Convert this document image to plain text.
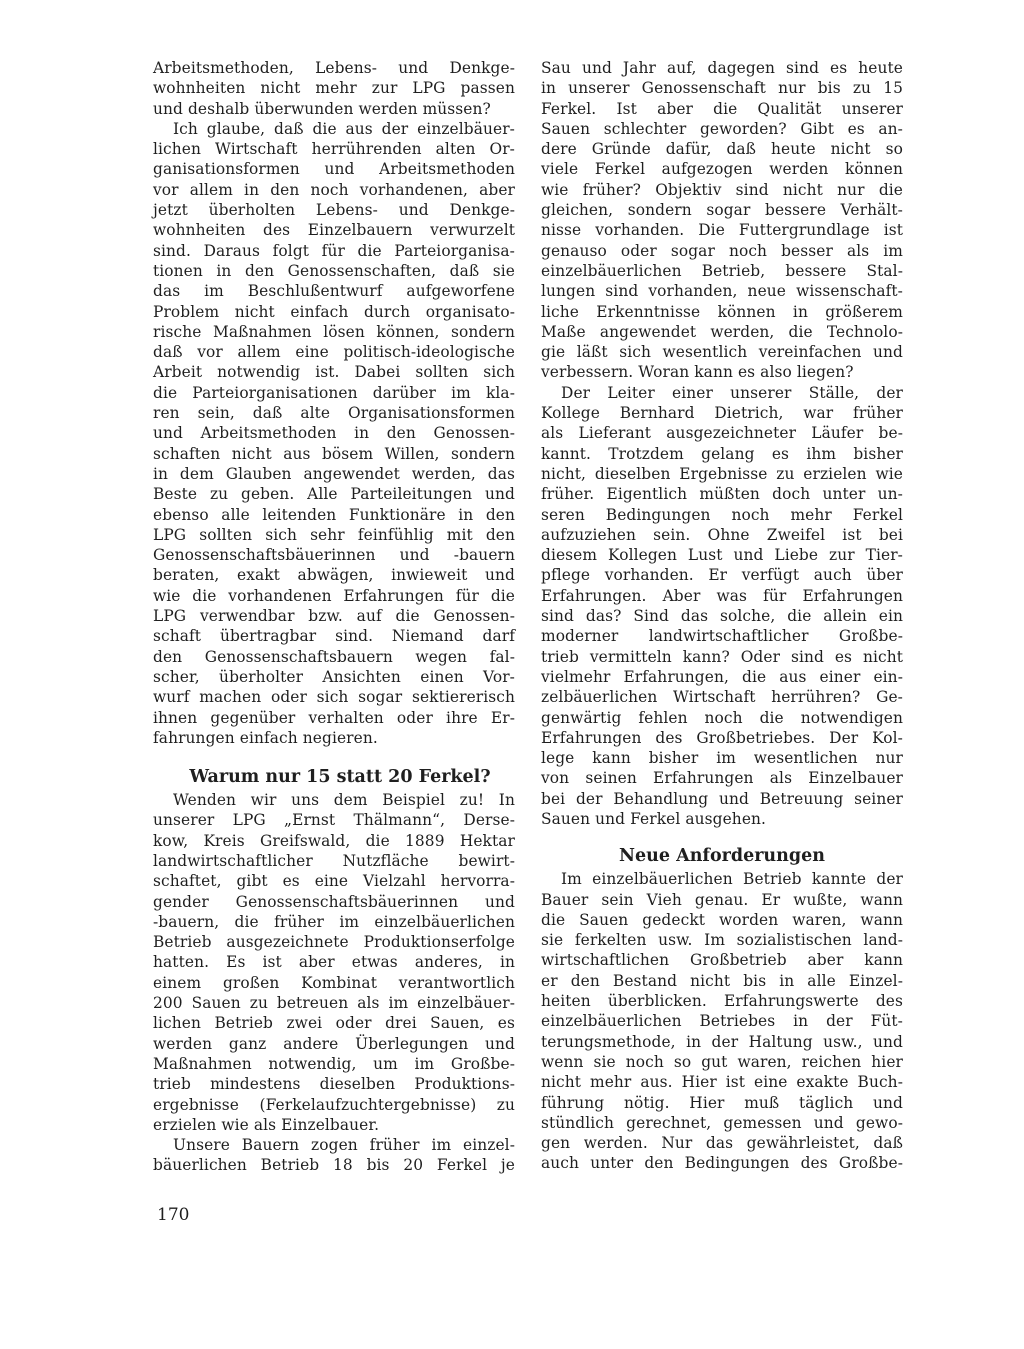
Arbeitsmethoden, Lebens- und Denkge-
wohnheiten nicht mehr zur LPG passen
und deshalb überwunden werden müssen?
Ich glaube, daß die aus der einzelbäuer-
lichen Wirtschaft herrührenden alten Or-
ganisationsformen und Arbeitsmethoden
vor allem in den noch vorhandenen, aber
jetzt überholten Lebens- und Denkge-
wohnheiten des Einzelbauern verwurzelt
sind. Daraus folgt für die Parteiorganisa-
tionen in den Genossenschaften, daß sie
das im Beschlußentwurf aufgeworfene
Problem nicht einfach durch organisato-
rische Maßnahmen lösen können, sondern
daß vor allem eine politisch-ideologische
Arbeit notwendig ist. Dabei sollten sich
die Parteiorganisationen darüber im kla-
ren sein, daß alte Organisationsformen
und Arbeitsmethoden in den Genossen-
schaften nicht aus bösem Willen, sondern
in dem Glauben angewendet werden, das
Beste zu geben. Alle Parteileitungen und
ebenso alle leitenden Funktionäre in den
LPG sollten sich sehr feinfühlig mit den
Genossenschaftsbäuerinnen und -bauern
beraten, exakt abwägen, inwieweit und
wie die vorhandenen Erfahrungen für die
LPG verwendbar bzw. auf die Genossen-
schaft übertragbar sind. Niemand darf
den Genossenschaftsbauern wegen fal-
scher, überholter Ansichten einen Vor-
wurf machen oder sich sogar sektiererisch
ihnen gegenüber verhalten oder ihre Er-
fahrungen einfach negieren.
Warum nur 15 statt 20 Ferkel?
Wenden wir uns dem Beispiel zu! In
unserer LPG „Ernst Thälmann“, Derse-
kow, Kreis Greifswald, die 1889 Hektar
landwirtschaftlicher Nutzfläche bewirt-
schaftet, gibt es eine Vielzahl hervorra-
gender Genossenschaftsbäuerinnen und
-bauern, die früher im einzelbäuerlichen
Betrieb ausgezeichnete Produktionserfolge
hatten. Es ist aber etwas anderes, in
einem großen Kombinat verantwortlich
200 Sauen zu betreuen als im einzelbäuer-
lichen Betrieb zwei oder drei Sauen, es
werden ganz andere Überlegungen und
Maßnahmen notwendig, um im Großbe-
trieb mindestens dieselben Produktions-
ergebnisse (Ferkelaufzuchtergebnisse) zu
erzielen wie als Einzelbauer.
Unsere Bauern zogen früher im einzel-
bäuerlichen Betrieb 18 bis 20 Ferkel je
Sau und Jahr auf, dagegen sind es heute
in unserer Genossenschaft nur bis zu 15
Ferkel. Ist aber die Qualität unserer
Sauen schlechter geworden? Gibt es an-
dere Gründe dafür, daß heute nicht so
viele Ferkel aufgezogen werden können
wie früher? Objektiv sind nicht nur die
gleichen, sondern sogar bessere Verhält-
nisse vorhanden. Die Futtergrundlage ist
genauso oder sogar noch besser als im
einzelbäuerlichen Betrieb, bessere Stal-
lungen sind vorhanden, neue wissenschaft-
liche Erkenntnisse können in größerem
Maße angewendet werden, die Technolo-
gie läßt sich wesentlich vereinfachen und
verbessern. Woran kann es also liegen?
Der Leiter einer unserer Ställe, der
Kollege Bernhard Dietrich, war früher
als Lieferant ausgezeichneter Läufer be-
kannt. Trotzdem gelang es ihm bisher
nicht, dieselben Ergebnisse zu erzielen wie
früher. Eigentlich müßten doch unter un-
seren Bedingungen noch mehr Ferkel
aufzuziehen sein. Ohne Zweifel ist bei
diesem Kollegen Lust und Liebe zur Tier-
pflege vorhanden. Er verfügt auch über
Erfahrungen. Aber was für Erfahrungen
sind das? Sind das solche, die allein ein
moderner landwirtschaftlicher Großbe-
trieb vermitteln kann? Oder sind es nicht
vielmehr Erfahrungen, die aus einer ein-
zelbäuerlichen Wirtschaft herrühren? Ge-
genwärtig fehlen noch die notwendigen
Erfahrungen des Großbetriebes. Der Kol-
lege kann bisher im wesentlichen nur
von seinen Erfahrungen als Einzelbauer
bei der Behandlung und Betreuung seiner
Sauen und Ferkel ausgehen.
Neue Anforderungen
Im einzelbäuerlichen Betrieb kannte der
Bauer sein Vieh genau. Er wußte, wann
die Sauen gedeckt worden waren, wann
sie ferkelten usw. Im sozialistischen land-
wirtschaftlichen Großbetrieb aber kann
er den Bestand nicht bis in alle Einzel-
heiten überblicken. Erfahrungswerte des
einzelbäuerlichen Betriebes in der Füt-
terungsmethode, in der Haltung usw., und
wenn sie noch so gut waren, reichen hier
nicht mehr aus. Hier ist eine exakte Buch-
führung nötig. Hier muß täglich und
stündlich gerechnet, gemessen und gewo-
gen werden. Nur das gewährleistet, daß
auch unter den Bedingungen des Großbe-
170
